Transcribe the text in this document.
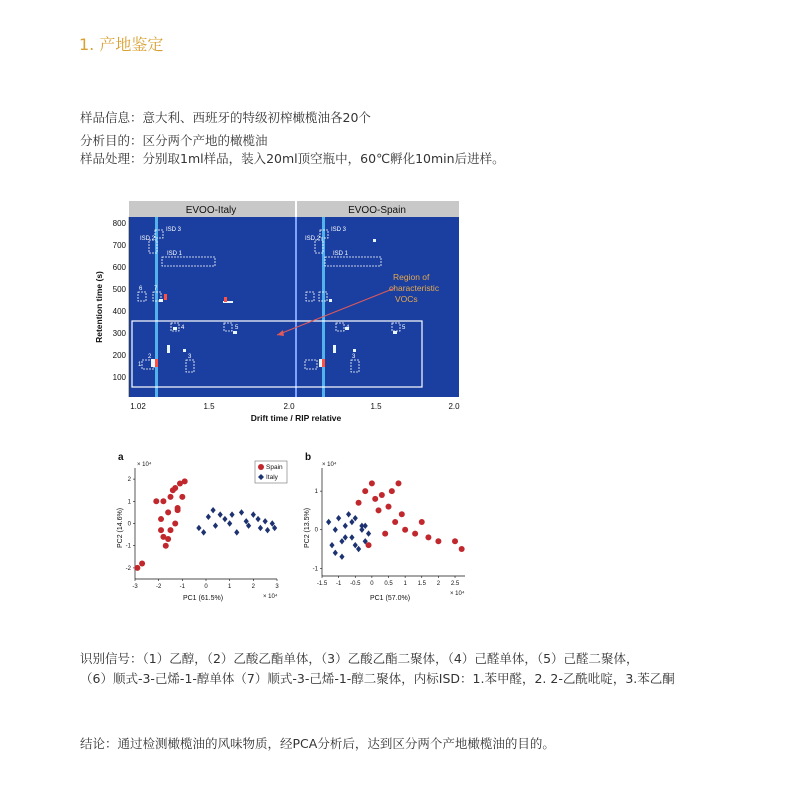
1. 产地鉴定
样品信息：意大利、西班牙的特级初榨橄榄油各20个
分析目的：区分两个产地的橄榄油
样品处理：分别取1ml样品，装入20ml顶空瓶中，60℃孵化10min后进样。
EVOO-Italy	EVOO-Spain
ISD 3
ISD 2
ISD 1
ISD 3
ISD 2
ISD 1
6 7
4	5
2	3
1
4	5
3
Region of
characteristic
VOCs
800
700
600
500
400
300
200
100
Retention time (s)
1.02	1.5	2.0	1.5	2.0
Drift time / RIP relative
a
× 10⁴
× 10⁴
PC1 (61.5%)
PC2 (14.6%)
Spain
Italy
-3	-2	-1	0	1	2	3
2
1
0
-1
-2
b
× 10⁴
× 10⁴
PC1 (57.0%)
PC2 (13.5%)
-1.5 -1 -0.5 0 0.5 1 1.5 2 2.5
1
0
-1
识别信号：（1）乙醇，（2）乙酸乙酯单体，（3）乙酸乙酯二聚体，（4）己醛单体，（5）己醛二聚体，
（6）顺式-3-己烯-1-醇单体（7）顺式-3-己烯-1-醇二聚体，内标ISD：1.苯甲醛，2. 2-乙酰吡啶，3.苯乙酮
结论：通过检测橄榄油的风味物质，经PCA分析后，达到区分两个产地橄榄油的目的。
